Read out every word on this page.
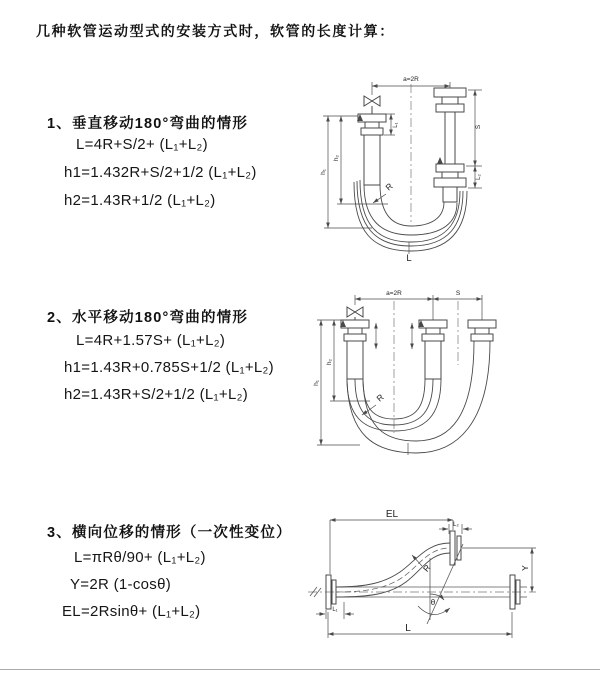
几种软管运动型式的安装方式时，软管的长度计算：
1、垂直移动180°弯曲的情形
L=4R+S/2+ (L₁+L₂)
h1=1.432R+S/2+1/2 (L₁+L₂)
h2=1.43R+1/2 (L₁+L₂)
2、水平移动180°弯曲的情形
L=4R+1.57S+ (L₁+L₂)
h1=1.43R+0.785S+1/2 (L₁+L₂)
h2=1.43R+S/2+1/2 (L₁+L₂)
3、横向位移的情形（一次性变位）
L=πRθ/90+ (L₁+L₂)
Y=2R (1-cosθ)
EL=2Rsinθ+ (L₁+L₂)
a=2R
h₁
h₂
L₁	S
L₂
R
L
a=2R	S
h₁
h₂
R
EL
L₂
θ
R	Y
L
L₁
